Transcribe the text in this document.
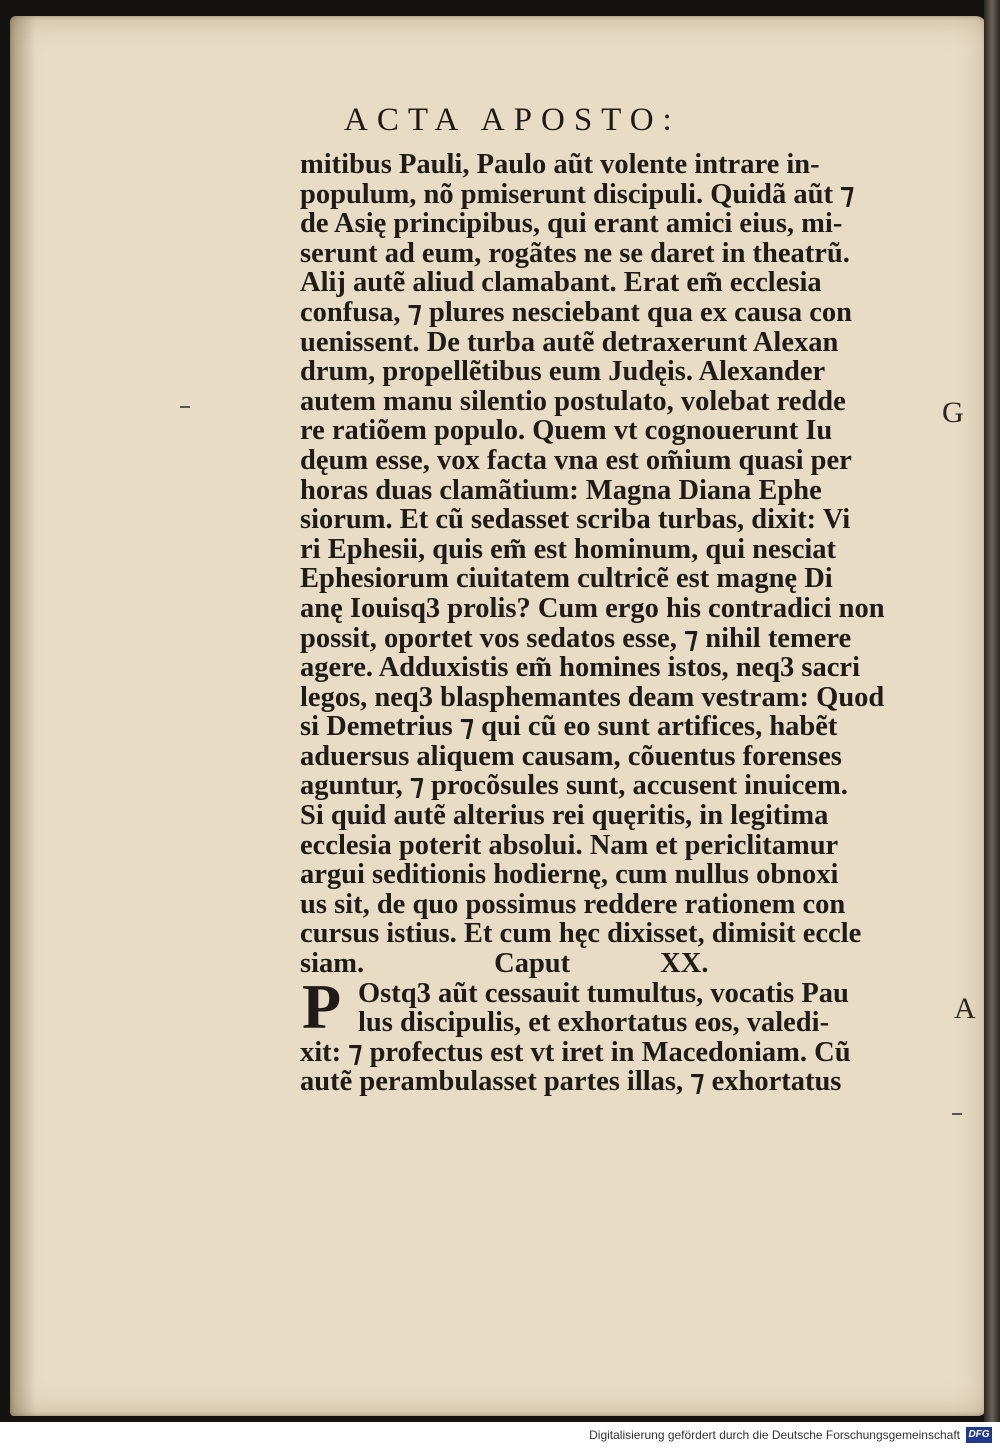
ACTA APOSTO:
mitibus Pauli, Paulo aũt volente intrare in-
populum, nõ pmiserunt discipuli. Quidã aũt ⁊
de Asię principibus, qui erant amici eius, mi-
serunt ad eum, rogãtes ne se daret in theatrũ.
Alij autẽ aliud clamabant. Erat em̃ ecclesia
confusa, ⁊ plures nesciebant qua ex causa con
uenissent. De turba autẽ detraxerunt Alexan
drum, propellẽtibus eum Judęis. Alexander
autem manu silentio postulato, volebat redde
re ratiõem populo. Quem vt cognouerunt Iu
dęum esse, vox facta vna est om̃ium quasi per
horas duas clamãtium: Magna Diana Ephe
siorum. Et cũ sedasset scriba turbas, dixit: Vi
ri Ephesii, quis em̃ est hominum, qui nesciat
Ephesiorum ciuitatem cultricẽ est magnę Di
anę Iouisq3 prolis? Cum ergo his contradici non
possit, oportet vos sedatos esse, ⁊ nihil temere
agere. Adduxistis em̃ homines istos, neq3 sacri
legos, neq3 blasphemantes deam vestram: Quod
si Demetrius ⁊ qui cũ eo sunt artifices, habẽt
aduersus aliquem causam, cõuentus forenses
aguntur, ⁊ procõsules sunt, accusent inuicem.
Si quid autẽ alterius rei quęritis, in legitima
ecclesia poterit absolui. Nam et periclitamur
argui seditionis hodiernę, cum nullus obnoxi
us sit, de quo possimus reddere rationem con
cursus istius. Et cum hęc dixisset, dimisit eccle
siam.	Caput	XX.
P Ostq3 aũt cessauit tumultus, vocatis Pau
lus discipulis, et exhortatus eos, valedi-
xit: ⁊ profectus est vt iret in Macedoniam. Cũ
autẽ perambulasset partes illas, ⁊ exhortatus
G
A
Digitalisierung gefördert durch die Deutsche Forschungsgemeinschaft DFG
